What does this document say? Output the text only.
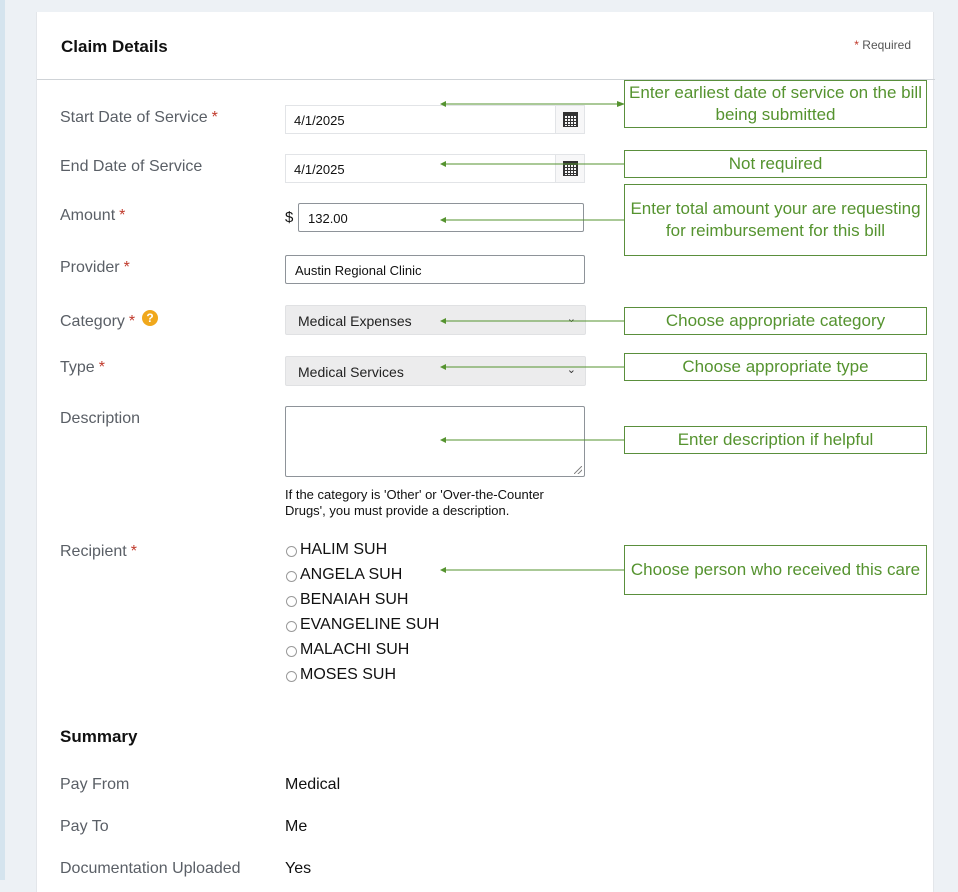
Claim Details	* Required
Start Date of Service *	4/1/2025
End Date of Service	4/1/2025
Amount *	$ 132.00
Provider *	Austin Regional Clinic
Category * ?	Medical Expenses	⌄
Type *	Medical Services	⌄
Description
If the category is 'Other' or 'Over-the-Counter Drugs', you must provide a description.
Recipient *	HALIM SUH
ANGELA SUH
BENAIAH SUH
EVANGELINE SUH
MALACHI SUH
MOSES SUH
Summary
Pay From	Medical
Pay To	Me
Documentation Uploaded	Yes
Enter earliest date of service on the bill being submitted
Not required
Enter total amount your are requesting for reimbursement for this bill
Choose appropriate category
Choose appropriate type
Enter description if helpful
Choose person who received this care
